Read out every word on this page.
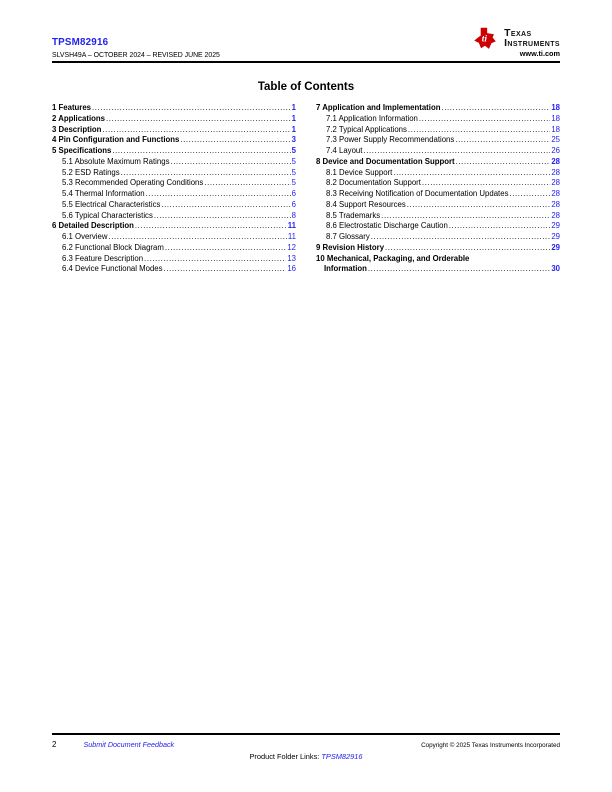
TPSM82916
SLVSH49A – OCTOBER 2024 – REVISED JUNE 2025
ti
Texas
Instruments
www.ti.com
Table of Contents
1 Features .....	1
2 Applications .....	1
3 Description .....	1
4 Pin Configuration and Functions .....	3
5 Specifications .....	5
5.1 Absolute Maximum Ratings .....	5
5.2 ESD Ratings .....	5
5.3 Recommended Operating Conditions .....	5
5.4 Thermal Information .....	6
5.5 Electrical Characteristics .....	6
5.6 Typical Characteristics .....	8
6 Detailed Description .....	11
6.1 Overview .....	11
6.2 Functional Block Diagram .....	12
6.3 Feature Description .....	13
6.4 Device Functional Modes .....	16
7 Application and Implementation .....	18
7.1 Application Information .....	18
7.2 Typical Applications .....	18
7.3 Power Supply Recommendations .....	25
7.4 Layout .....	26
8 Device and Documentation Support .....	28
8.1 Device Support .....	28
8.2 Documentation Support .....	28
8.3 Receiving Notification of Documentation Updates .....	28
8.4 Support Resources .....	28
8.5 Trademarks .....	28
8.6 Electrostatic Discharge Caution .....	29
8.7 Glossary .....	29
9 Revision History .....	29
10 Mechanical, Packaging, and Orderable
Information .....	30
2	Submit Document Feedback	Copyright © 2025 Texas Instruments Incorporated
Product Folder Links: TPSM82916
